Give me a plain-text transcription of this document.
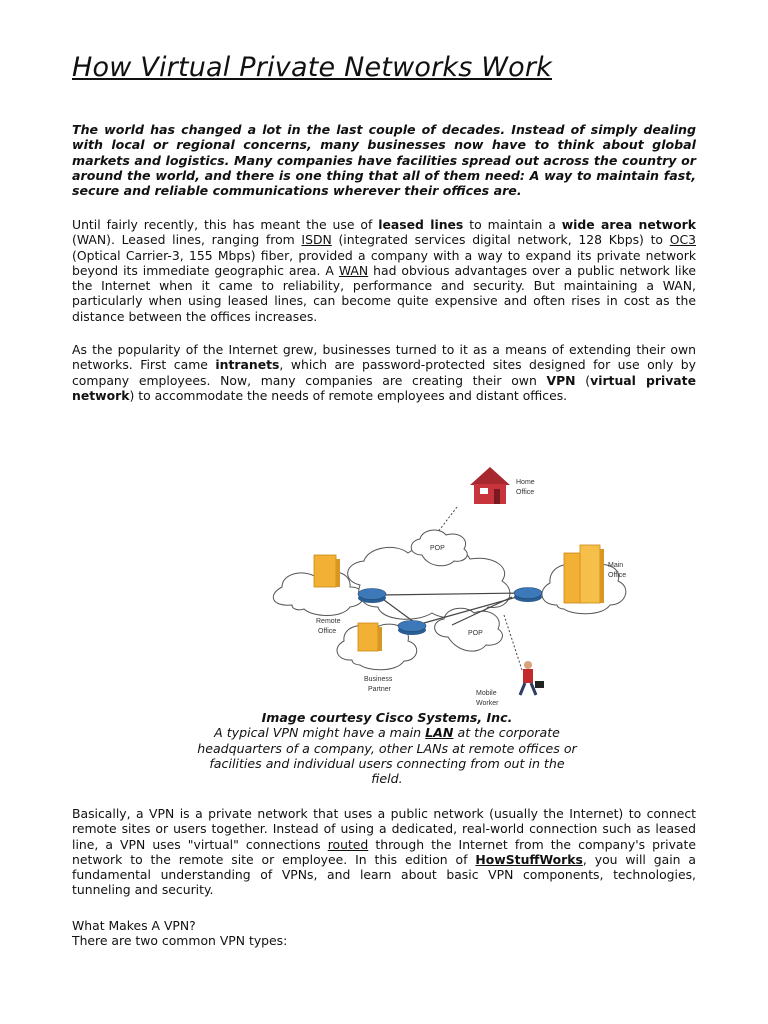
How Virtual Private Networks Work

The world has changed a lot in the last couple of decades. Instead of simply dealing with local or regional concerns, many businesses now have to think about global markets and logistics. Many companies have facilities spread out across the country or around the world, and there is one thing that all of them need: A way to maintain fast, secure and reliable communications wherever their offices are.

Until fairly recently, this has meant the use of leased lines to maintain a wide area network (WAN). Leased lines, ranging from ISDN (integrated services digital network, 128 Kbps) to OC3 (Optical Carrier-3, 155 Mbps) fiber, provided a company with a way to expand its private network beyond its immediate geographic area. A WAN had obvious advantages over a public network like the Internet when it came to reliability, performance and security. But maintaining a WAN, particularly when using leased lines, can become quite expensive and often rises in cost as the distance between the offices increases.

As the popularity of the Internet grew, businesses turned to it as a means of extending their own networks. First came intranets, which are password-protected sites designed for use only by company employees. Now, many companies are creating their own VPN (virtual private network) to accommodate the needs of remote employees and distant offices.

Home
Office
Main
Office
Remote
Office
Business
Partner
Mobile
Worker
POP
POP

Image courtesy Cisco Systems, Inc.
A typical VPN might have a main LAN at the corporate headquarters of a company, other LANs at remote offices or facilities and individual users connecting from out in the field.

Basically, a VPN is a private network that uses a public network (usually the Internet) to connect remote sites or users together. Instead of using a dedicated, real-world connection such as leased line, a VPN uses "virtual" connections routed through the Internet from the company's private network to the remote site or employee. In this edition of HowStuffWorks, you will gain a fundamental understanding of VPNs, and learn about basic VPN components, technologies, tunneling and security.

What Makes A VPN?

There are two common VPN types:
